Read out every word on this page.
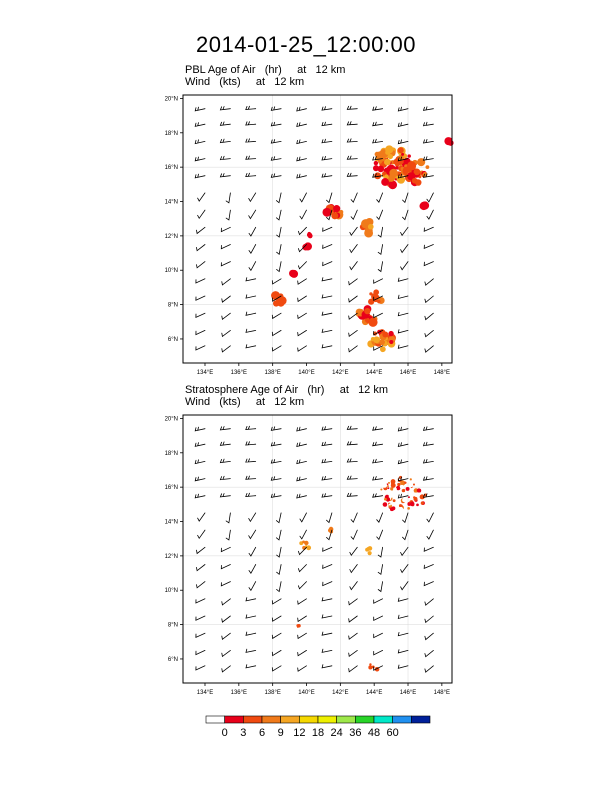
2014-01-25_12:00:00
PBL Age of Air (hr) at 12 km
Wind (kts) at 12 km
134°E	136°E	138°E	140°E	142°E	144°E	146°E	148°E
6°N
8°N
10°N
12°N
14°N
16°N
18°N
20°N
Stratosphere Age of Air (hr) at 12 km
Wind (kts) at 12 km
134°E	136°E	138°E	140°E	142°E	144°E	146°E	148°E
6°N
8°N
10°N
12°N
14°N
16°N
18°N
20°N
0	3	6	9 12 18 24 36 48 60
